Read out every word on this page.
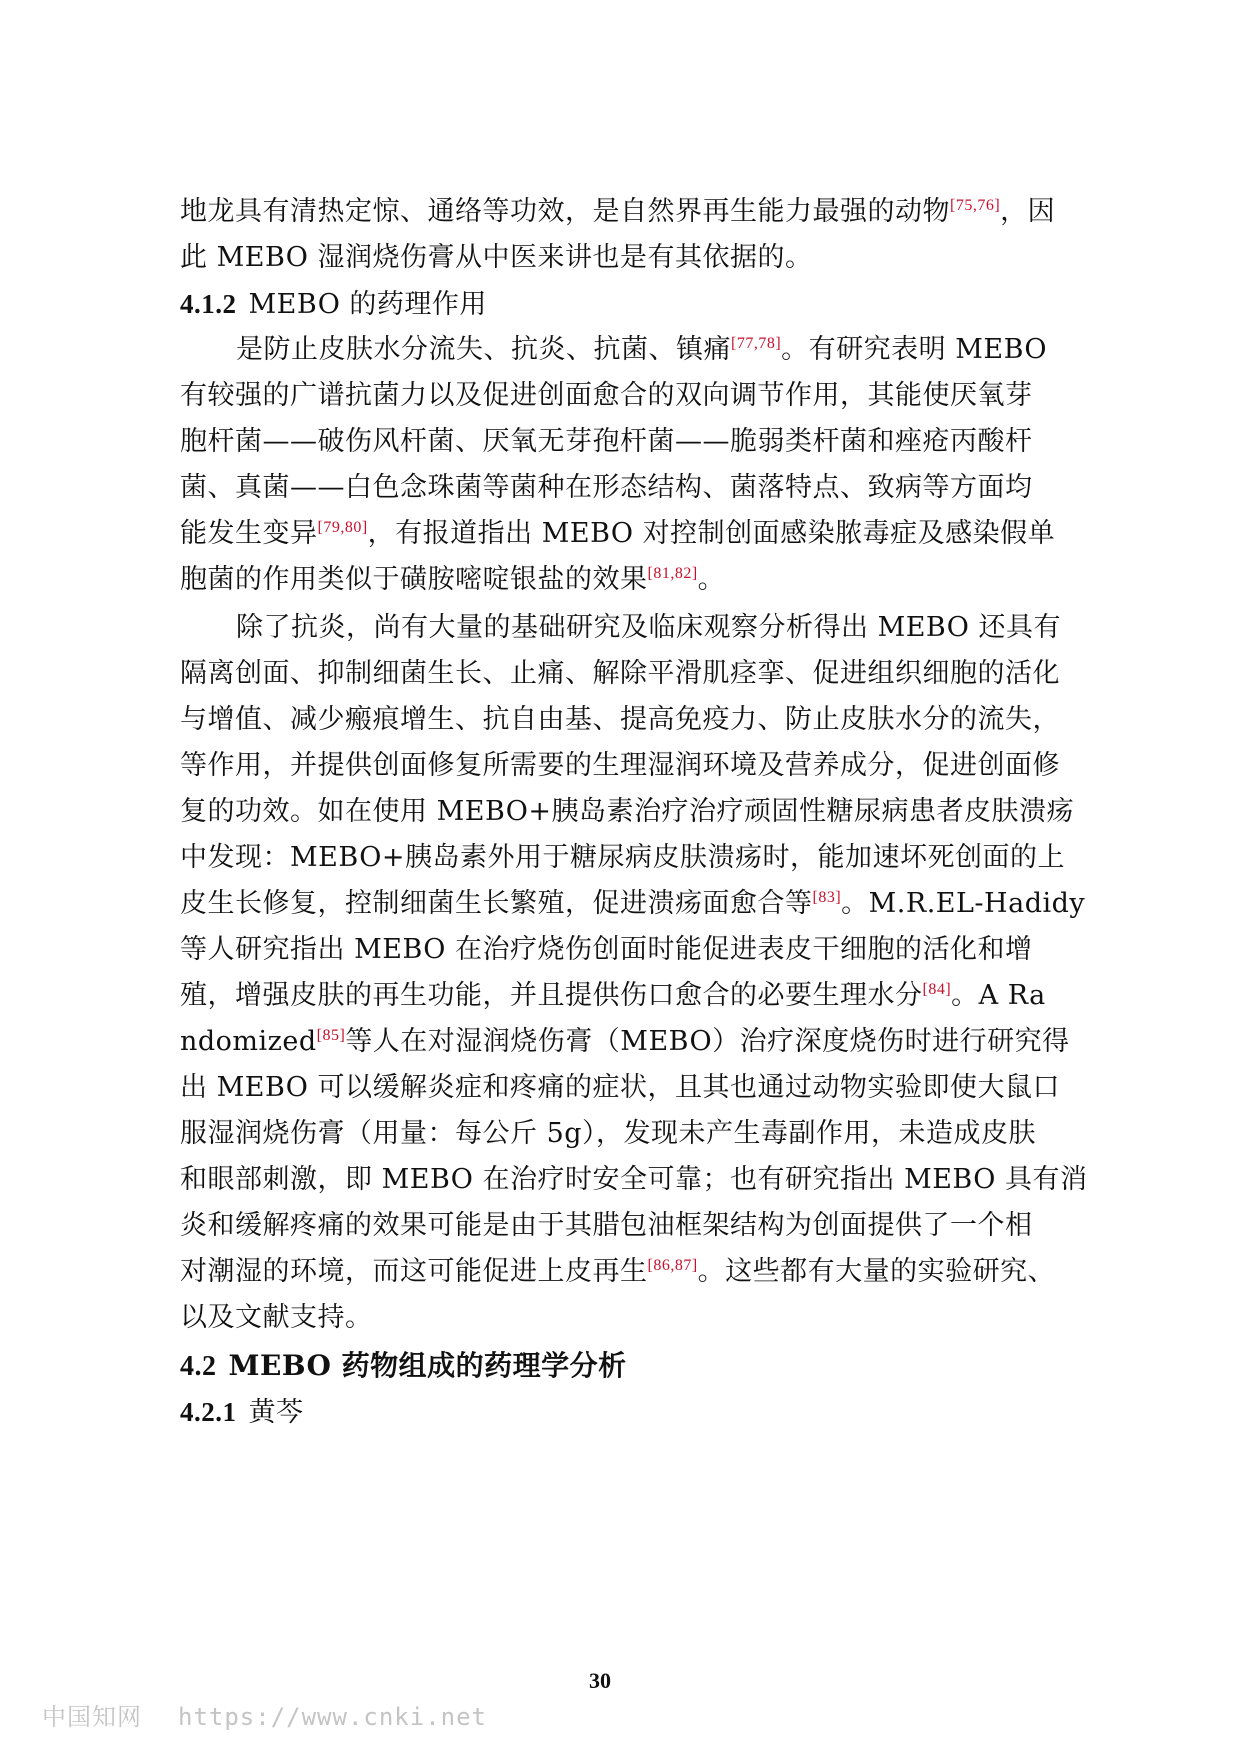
地龙具有清热定惊、通络等功效，是自然界再生能力最强的动物[75,76]，因
此 MEBO 湿润烧伤膏从中医来讲也是有其依据的。
4.1.2 MEBO 的药理作用
是防止皮肤水分流失、抗炎、抗菌、镇痛[77,78]。有研究表明 MEBO
有较强的广谱抗菌力以及促进创面愈合的双向调节作用，其能使厌氧芽
胞杆菌——破伤风杆菌、厌氧无芽孢杆菌——脆弱类杆菌和痤疮丙酸杆
菌、真菌——白色念珠菌等菌种在形态结构、菌落特点、致病等方面均
能发生变异[79,80]，有报道指出 MEBO 对控制创面感染脓毒症及感染假单
胞菌的作用类似于磺胺嘧啶银盐的效果[81,82]。
除了抗炎，尚有大量的基础研究及临床观察分析得出 MEBO 还具有
隔离创面、抑制细菌生长、止痛、解除平滑肌痉挛、促进组织细胞的活化
与增值、减少瘢痕增生、抗自由基、提高免疫力、防止皮肤水分的流失，
等作用，并提供创面修复所需要的生理湿润环境及营养成分，促进创面修
复的功效。如在使用 MEBO+胰岛素治疗治疗顽固性糖尿病患者皮肤溃疡
中发现：MEBO+胰岛素外用于糖尿病皮肤溃疡时，能加速坏死创面的上
皮生长修复，控制细菌生长繁殖，促进溃疡面愈合等[83]。M.R.EL-Hadidy
等人研究指出 MEBO 在治疗烧伤创面时能促进表皮干细胞的活化和增
殖，增强皮肤的再生功能，并且提供伤口愈合的必要生理水分[84]。A Ra
ndomized[85]等人在对湿润烧伤膏（MEBO）治疗深度烧伤时进行研究得
出 MEBO 可以缓解炎症和疼痛的症状，且其也通过动物实验即使大鼠口
服湿润烧伤膏（用量：每公斤 5g），发现未产生毒副作用，未造成皮肤
和眼部刺激，即 MEBO 在治疗时安全可靠；也有研究指出 MEBO 具有消
炎和缓解疼痛的效果可能是由于其腊包油框架结构为创面提供了一个相
对潮湿的环境，而这可能促进上皮再生[86,87]。这些都有大量的实验研究、
以及文献支持。
4.2 MEBO 药物组成的药理学分析
4.2.1 黄芩
30
中国知网 https://www.cnki.net
